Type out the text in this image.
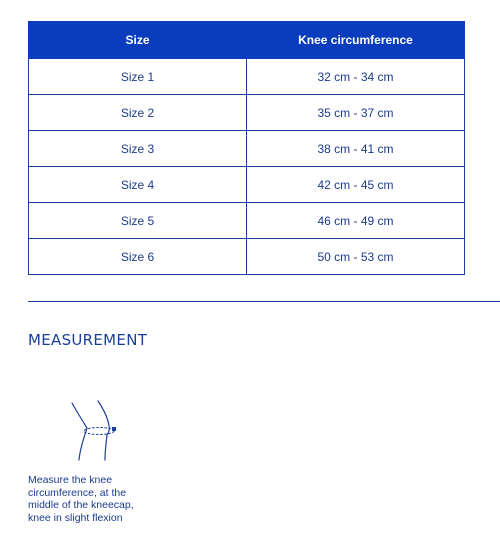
Size	Knee circumference
Size 1	32 cm - 34 cm
Size 2	35 cm - 37 cm
Size 3	38 cm - 41 cm
Size 4	42 cm - 45 cm
Size 5	46 cm - 49 cm
Size 6	50 cm - 53 cm
MEASUREMENT

Measure the knee circumference, at the middle of the kneecap, knee in slight flexion
